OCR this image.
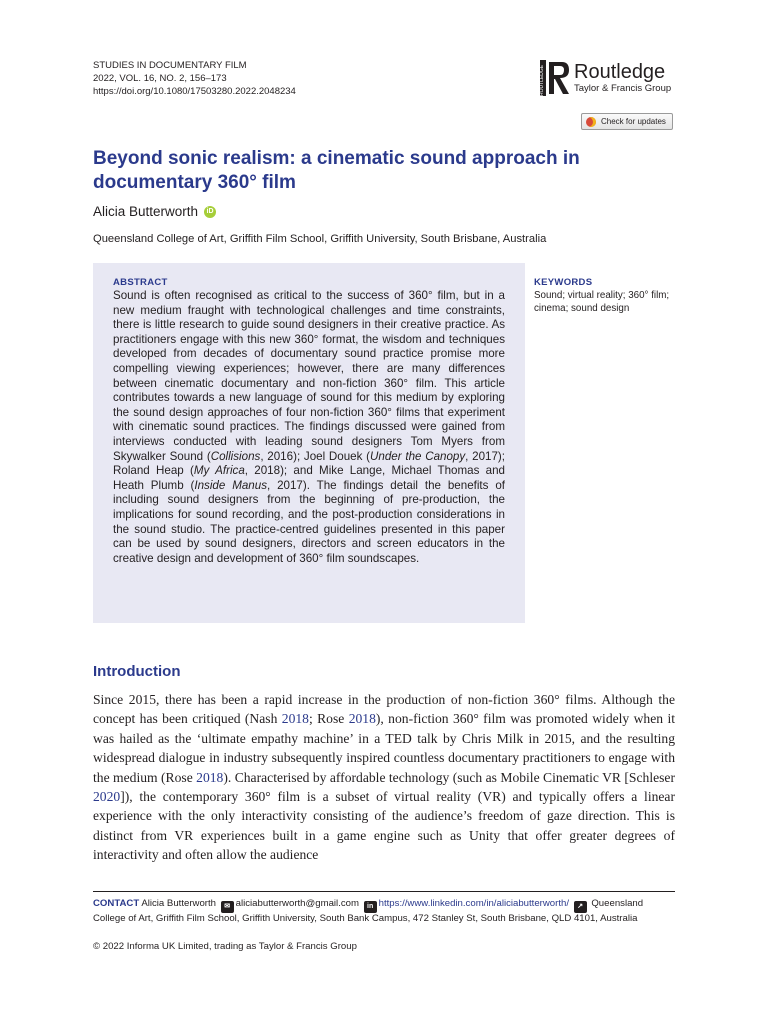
STUDIES IN DOCUMENTARY FILM
2022, VOL. 16, NO. 2, 156–173
https://doi.org/10.1080/17503280.2022.2048234	ROUTLEDGE Routledge
Taylor & Francis Group
Check for updates
Beyond sonic realism: a cinematic sound approach in documentary 360° film
Alicia Butterworth	iD
Queensland College of Art, Griffith Film School, Griffith University, South Brisbane, Australia
ABSTRACT
Sound is often recognised as critical to the success of 360° film, but in a new medium fraught with technological challenges and time constraints, there is little research to guide sound designers in their creative practice. As practitioners engage with this new 360° format, the wisdom and techniques developed from decades of documentary sound practice promise more compelling viewing experiences; however, there are many differences between cinematic documentary and non-fiction 360° film. This article contributes towards a new language of sound for this medium by exploring the sound design approaches of four non-fiction 360° films that experiment with cinematic sound practices. The findings discussed were gained from interviews conducted with leading sound designers Tom Myers from Skywalker Sound (Collisions, 2016); Joel Douek (Under the Canopy, 2017); Roland Heap (My Africa, 2018); and Mike Lange, Michael Thomas and Heath Plumb (Inside Manus, 2017). The findings detail the benefits of including sound designers from the beginning of pre-production, the implications for sound recording, and the post-production considerations in the sound studio. The practice-centred guidelines presented in this paper can be used by sound designers, directors and screen educators in the creative design and development of 360° film soundscapes.
KEYWORDS
Sound; virtual reality; 360° film; cinema; sound design
Introduction
Since 2015, there has been a rapid increase in the production of non-fiction 360° films. Although the concept has been critiqued (Nash 2018; Rose 2018), non-fiction 360° film was promoted widely when it was hailed as the ‘ultimate empathy machine’ in a TED talk by Chris Milk in 2015, and the resulting widespread dialogue in industry subsequently inspired countless documentary practitioners to engage with the medium (Rose 2018). Characterised by affordable technology (such as Mobile Cinematic VR [Schleser 2020]), the contemporary 360° film is a subset of virtual reality (VR) and typically offers a linear experience with the only interactivity consisting of the audience’s freedom of gaze direction. This is distinct from VR experiences built in a game engine such as Unity that offer greater degrees of interactivity and often allow the audience
CONTACT Alicia Butterworth ✉ aliciabutterworth@gmail.com in https://www.linkedin.com/in/aliciabutterworth/ ↗ Queensland College of Art, Griffith Film School, Griffith University, South Bank Campus, 472 Stanley St, South Brisbane, QLD 4101, Australia
© 2022 Informa UK Limited, trading as Taylor & Francis Group
